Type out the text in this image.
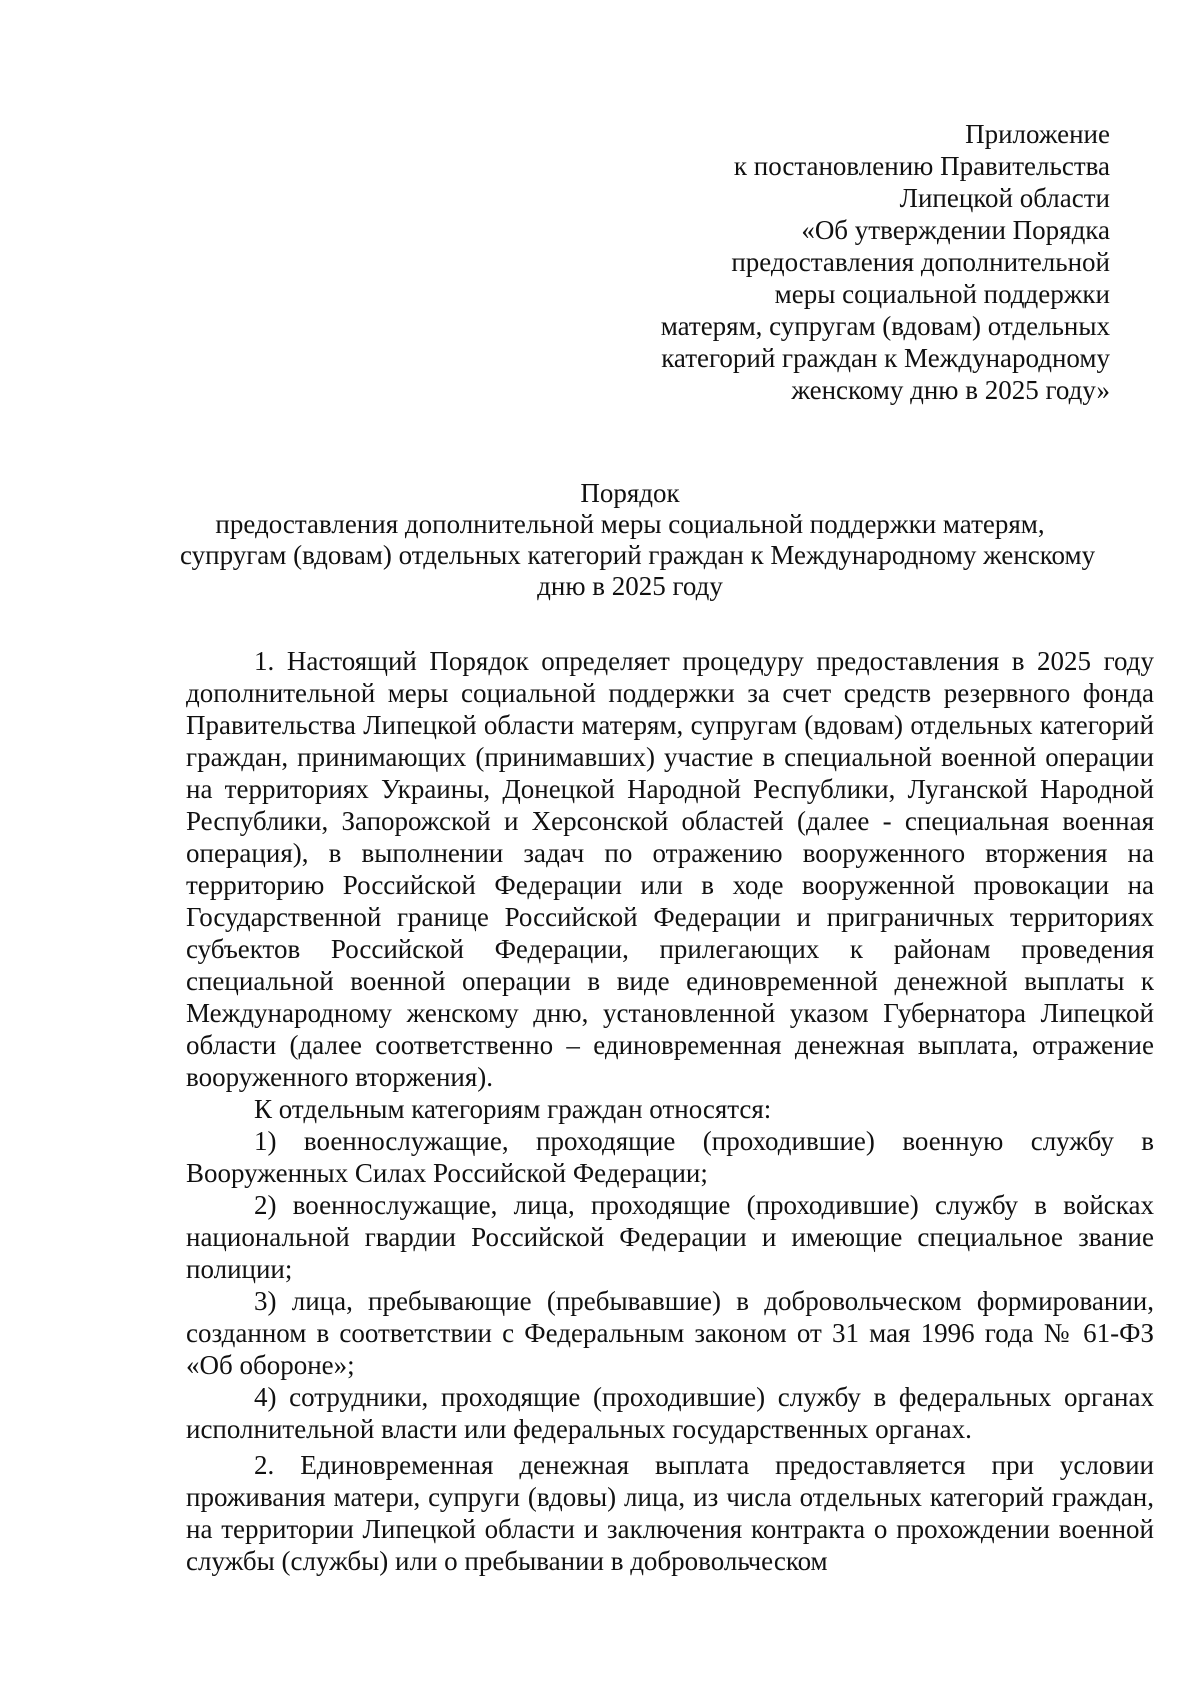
Приложение
к постановлению Правительства
Липецкой области
«Об утверждении Порядка
предоставления дополнительной
меры социальной поддержки
матерям, супругам (вдовам) отдельных
категорий граждан к Международному
женскому дню в 2025 году»
Порядок
предоставления дополнительной меры социальной поддержки матерям,
супругам (вдовам) отдельных категорий граждан к Международному женскому
дню в 2025 году

1. Настоящий Порядок определяет процедуру предоставления в 2025 году дополнительной меры социальной поддержки за счет средств резервного фонда Правительства Липецкой области матерям, супругам (вдовам) отдельных категорий граждан, принимающих (принимавших) участие в специальной военной операции на территориях Украины, Донецкой Народной Республики, Луганской Народной Республики, Запорожской и Херсонской областей (далее - специальная военная операция), в выполнении задач по отражению вооруженного вторжения на территорию Российской Федерации или в ходе вооруженной провокации на Государственной границе Российской Федерации и приграничных территориях субъектов Российской Федерации, прилегающих к районам проведения специальной военной операции в виде единовременной денежной выплаты к Международному женскому дню, установленной указом Губернатора Липецкой области (далее соответственно – единовременная денежная выплата, отражение вооруженного вторжения).

К отдельным категориям граждан относятся:

1) военнослужащие, проходящие (проходившие) военную службу в Вооруженных Силах Российской Федерации;

2) военнослужащие, лица, проходящие (проходившие) службу в войсках национальной гвардии Российской Федерации и имеющие специальное звание полиции;

3) лица, пребывающие (пребывавшие) в добровольческом формировании, созданном в соответствии с Федеральным законом от 31 мая 1996 года № 61-ФЗ «Об обороне»;

4) сотрудники, проходящие (проходившие) службу в федеральных органах исполнительной власти или федеральных государственных органах.

2. Единовременная денежная выплата предоставляется при условии проживания матери, супруги (вдовы) лица, из числа отдельных категорий граждан, на территории Липецкой области и заключения контракта о прохождении военной службы (службы) или о пребывании в добровольческом
